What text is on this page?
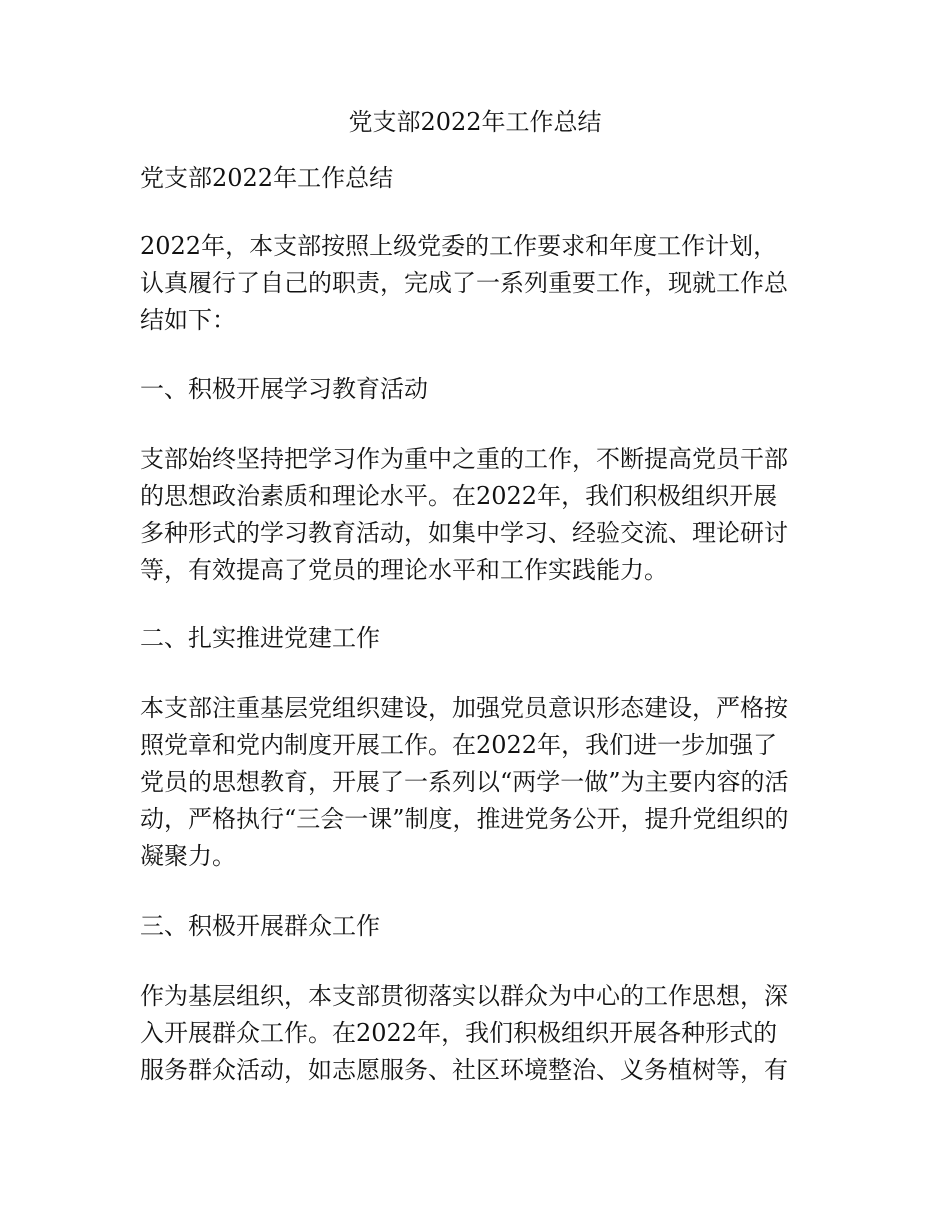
党支部2022年工作总结

党支部2022年工作总结

2022年，本支部按照上级党委的工作要求和年度工作计划，
认真履行了自己的职责，完成了一系列重要工作，现就工作总
结如下：

一、积极开展学习教育活动

支部始终坚持把学习作为重中之重的工作，不断提高党员干部
的思想政治素质和理论水平。在2022年，我们积极组织开展
多种形式的学习教育活动，如集中学习、经验交流、理论研讨
等，有效提高了党员的理论水平和工作实践能力。

二、扎实推进党建工作

本支部注重基层党组织建设，加强党员意识形态建设，严格按
照党章和党内制度开展工作。在2022年，我们进一步加强了
党员的思想教育，开展了一系列以“两学一做”为主要内容的活
动，严格执行“三会一课”制度，推进党务公开，提升党组织的
凝聚力。

三、积极开展群众工作

作为基层组织，本支部贯彻落实以群众为中心的工作思想，深
入开展群众工作。在2022年，我们积极组织开展各种形式的
服务群众活动，如志愿服务、社区环境整治、义务植树等，有
